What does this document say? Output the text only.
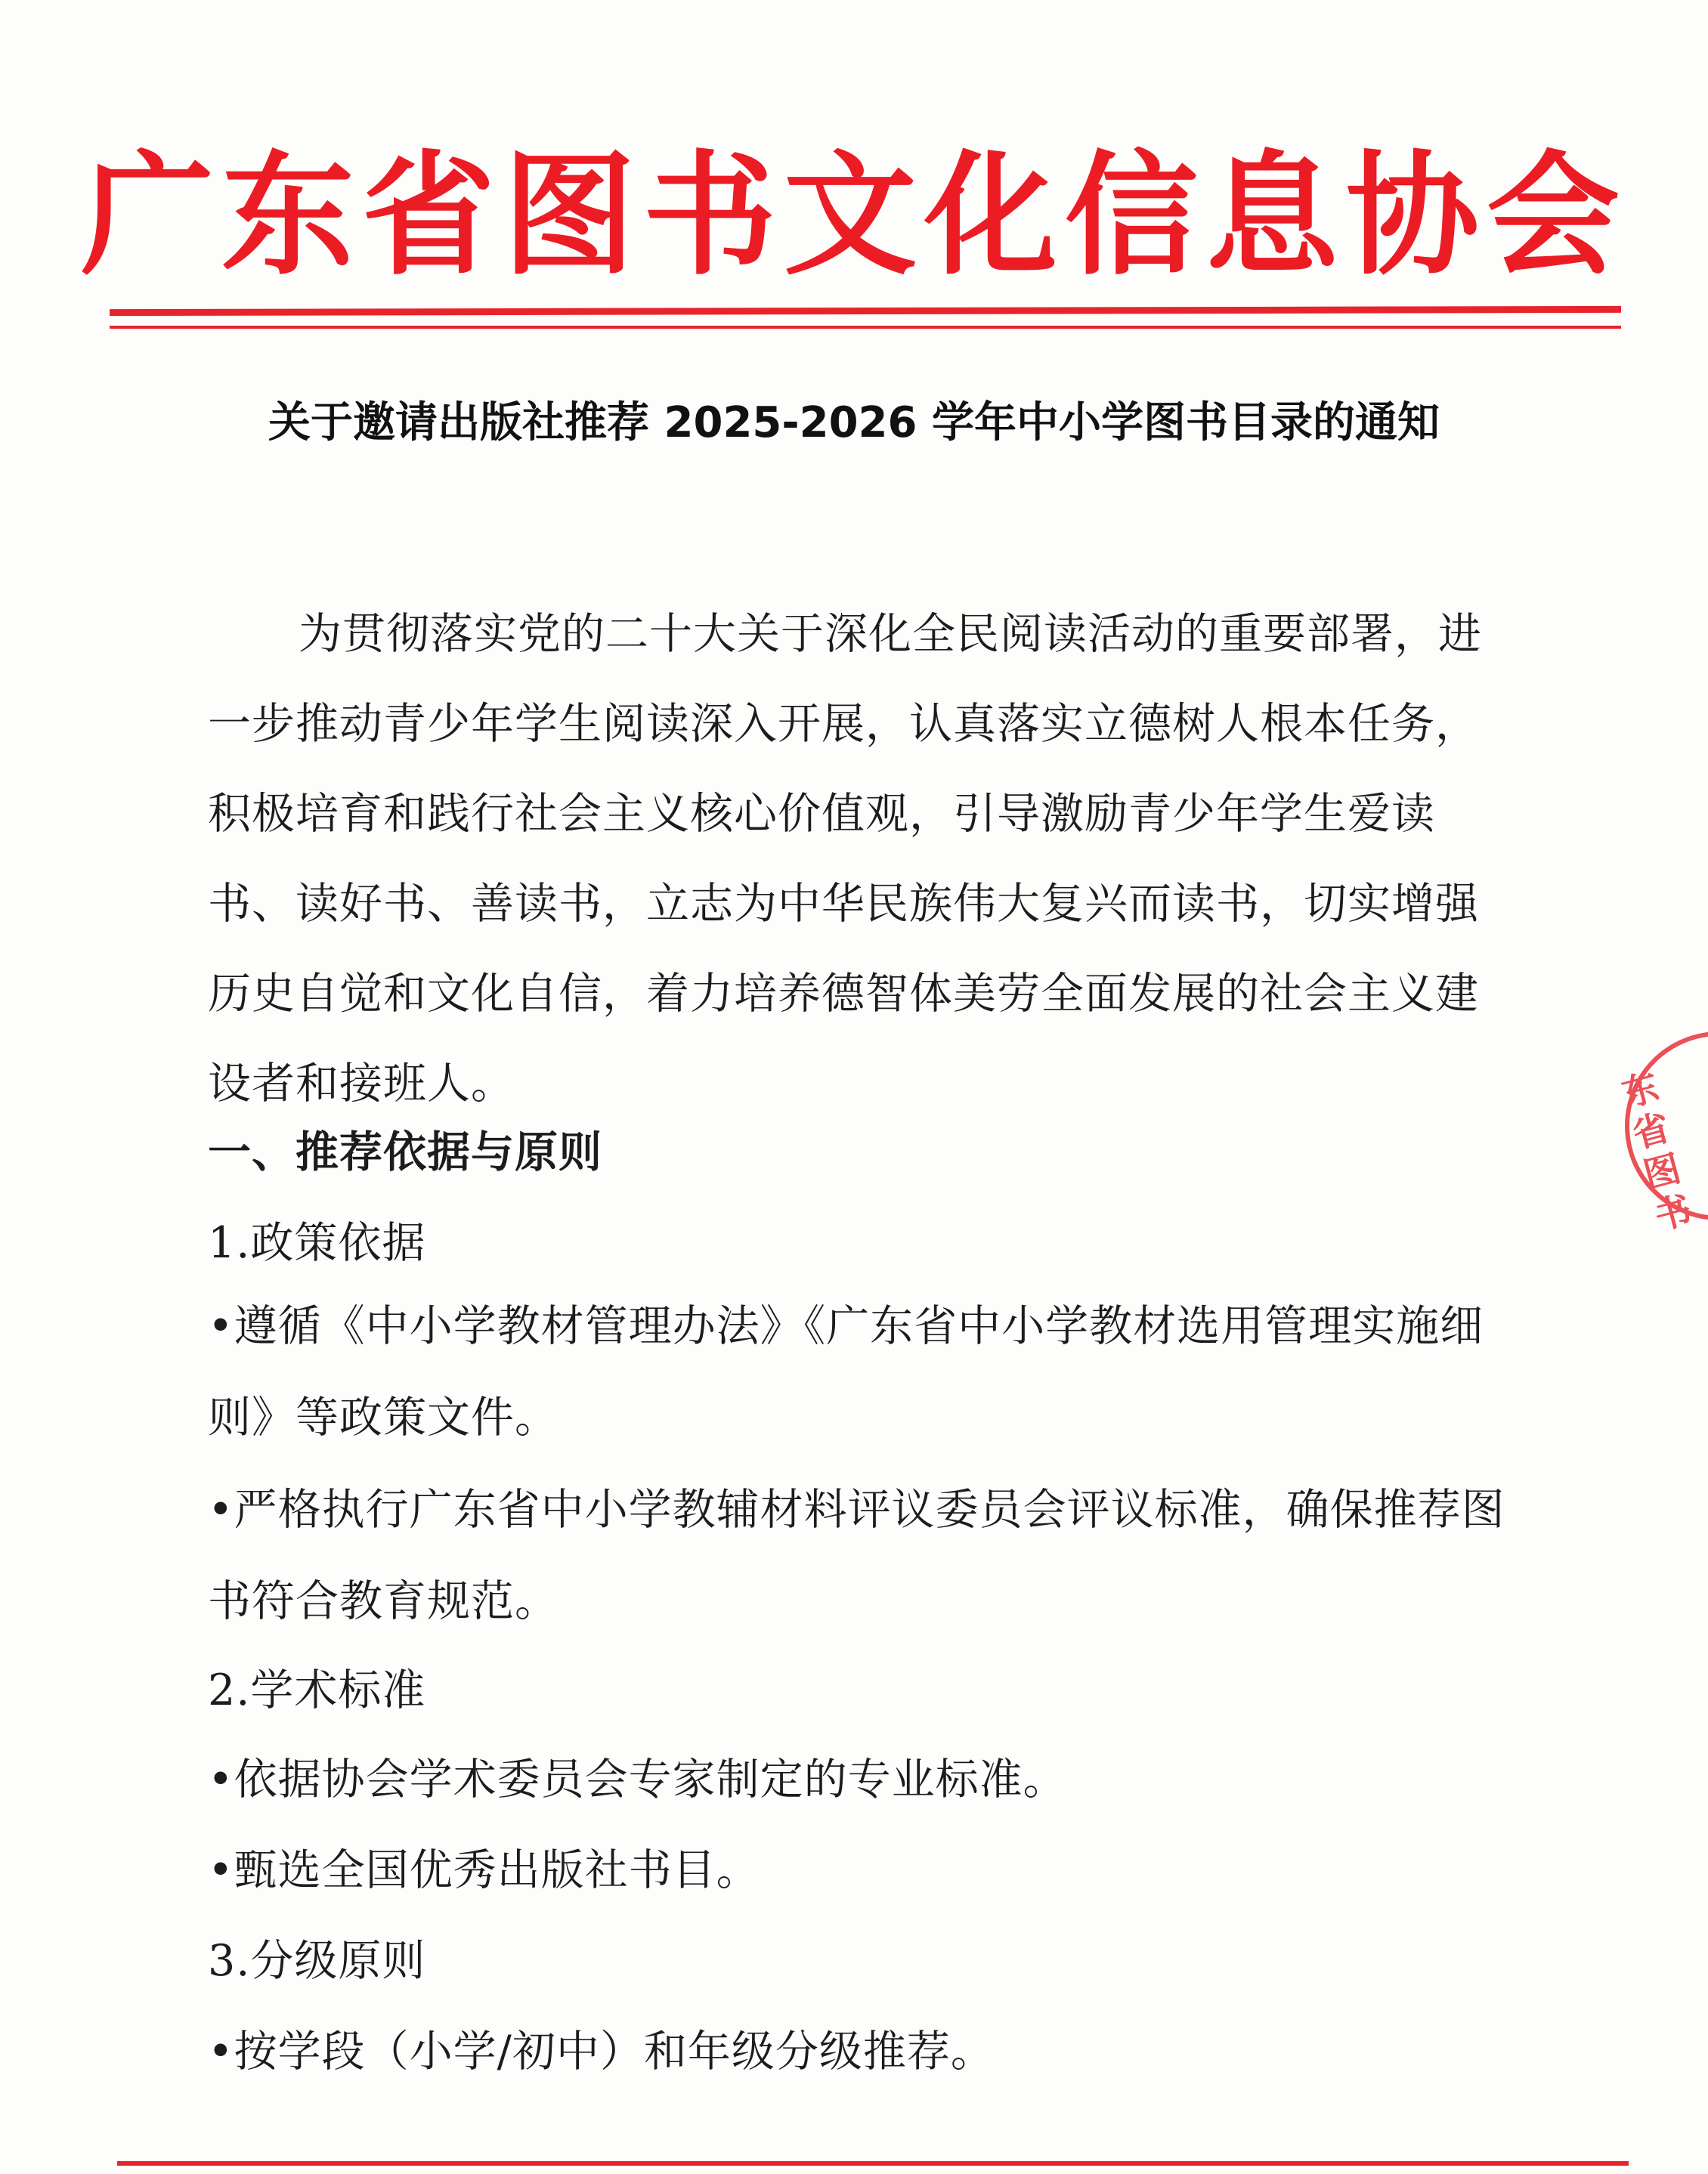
广东省图书文化信息协会
关于邀请出版社推荐 2025-2026 学年中小学图书目录的通知
为贯彻落实党的二十大关于深化全民阅读活动的重要部署，进一步推动青少年学生阅读深入开展，认真落实立德树人根本任务，积极培育和践行社会主义核心价值观，引导激励青少年学生爱读书、读好书、善读书，立志为中华民族伟大复兴而读书，切实增强历史自觉和文化自信，着力培养德智体美劳全面发展的社会主义建设者和接班人。
一、推荐依据与原则
1.政策依据
•遵循《中小学教材管理办法》《广东省中小学教材选用管理实施细则》等政策文件。
•严格执行广东省中小学教辅材料评议委员会评议标准，确保推荐图书符合教育规范。
2.学术标准
•依据协会学术委员会专家制定的专业标准。
•甄选全国优秀出版社书目。
3.分级原则
•按学段（小学/初中）和年级分级推荐。
东省图书
